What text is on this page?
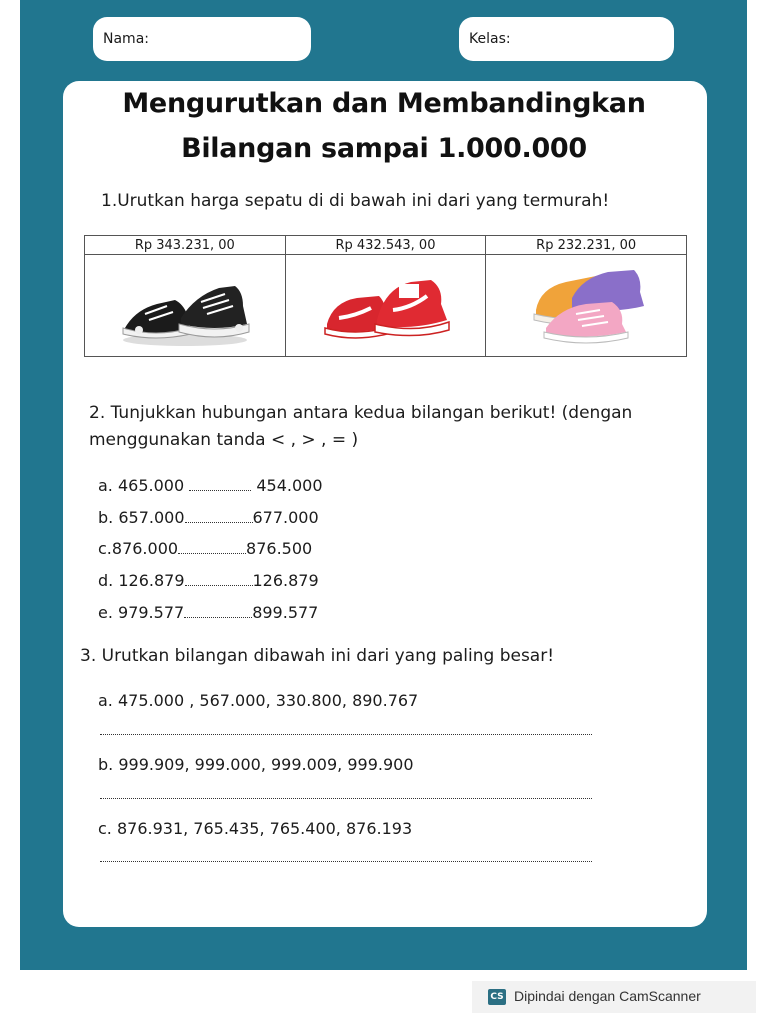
Nama:	Kelas:
Mengurutkan dan Membandingkan
Bilangan sampai 1.000.000
1.Urutkan harga sepatu di di bawah ini dari yang termurah!
Rp 343.231, 00	Rp 432.543, 00	Rp 232.231, 00

2. Tunjukkan hubungan antara kedua bilangan berikut! (dengan
menggunakan tanda < , > , = )
a. 465.000	454.000
b. 657.000	677.000
c.876.000	876.500
d. 126.879	126.879
e. 979.577	899.577
3. Urutkan bilangan dibawah ini dari yang paling besar!
a. 475.000 , 567.000, 330.800, 890.767
b. 999.909, 999.000, 999.009, 999.900
c. 876.931, 765.435, 765.400, 876.193
CS Dipindai dengan CamScanner
